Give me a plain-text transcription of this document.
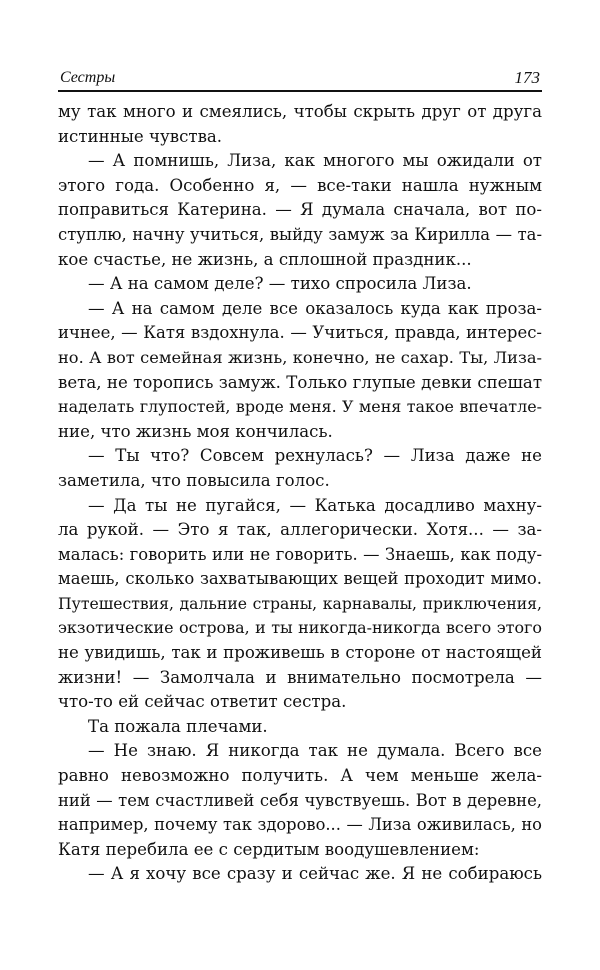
Сестры	173
му так много и смеялись, чтобы скрыть друг от друга
истинные чувства.
— А помнишь, Лиза, как многого мы ожидали от
этого года. Особенно я, — все-таки нашла нужным
поправиться Катерина. — Я думала сначала, вот по-
ступлю, начну учиться, выйду замуж за Кирилла — та-
кое счастье, не жизнь, а сплошной праздник...
— А на самом деле? — тихо спросила Лиза.
— А на самом деле все оказалось куда как проза-
ичнее, — Катя вздохнула. — Учиться, правда, интерес-
но. А вот семейная жизнь, конечно, не сахар. Ты, Лиза-
вета, не торопись замуж. Только глупые девки спешат
наделать глупостей, вроде меня. У меня такое впечатле-
ние, что жизнь моя кончилась.
— Ты что? Совсем рехнулась? — Лиза даже не
заметила, что повысила голос.
— Да ты не пугайся, — Катька досадливо махну-
ла рукой. — Это я так, аллегорически. Хотя... — за-
малась: говорить или не говорить. — Знаешь, как поду-
маешь, сколько захватывающих вещей проходит мимо.
Путешествия, дальние страны, карнавалы, приключения,
экзотические острова, и ты никогда-никогда всего этого
не увидишь, так и проживешь в стороне от настоящей
жизни! — Замолчала и внимательно посмотрела —
что-то ей сейчас ответит сестра.
Та пожала плечами.
— Не знаю. Я никогда так не думала. Всего все
равно невозможно получить. А чем меньше жела-
ний — тем счастливей себя чувствуешь. Вот в деревне,
например, почему так здорово... — Лиза оживилась, но
Катя перебила ее с сердитым воодушевлением:
— А я хочу все сразу и сейчас же. Я не собираюсь
